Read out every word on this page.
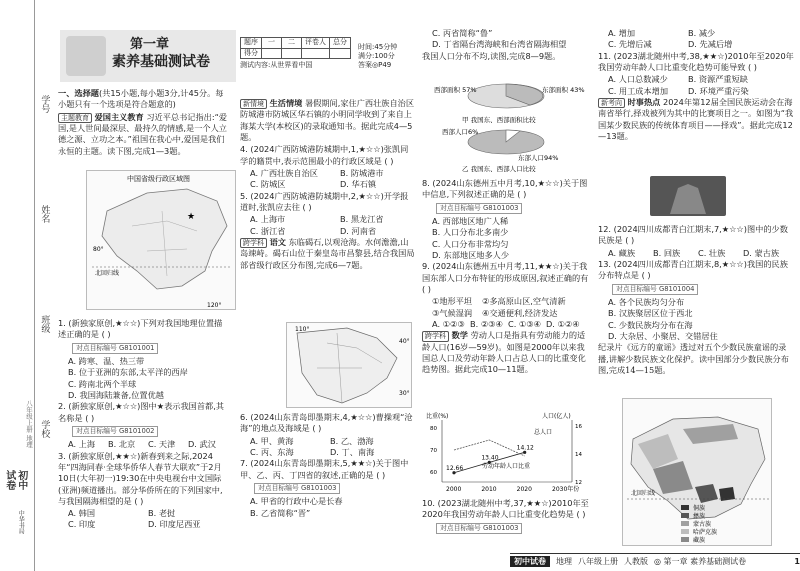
学号
姓名
班级
学校
初中
试卷
中华书局
八年级上册 地理
第一章
素养基础测试卷
一、选择题(共15小题,每小题3分,计45分。每小题只有一个选项是符合题意的)
主题教育 爱国主义教育 习近平总书记指出:“爱国,是人世间最深层、最持久的情感,是一个人立德之源、立功之本。”祖国在我心中,爱国是我们永恒的主题。读下图,完成1—3题。
中国省级行政区域图
★
80°
北回归线
120°
1. (新独家原创,★☆☆)下列对我国地理位置描述正确的是 ( )
对点目标编号 G8101001
A. 跨寒、温、热三带
B. 位于亚洲的东部,太平洋的西岸
C. 跨南北两个半球
D. 我国海陆兼备,位置优越
2. (新独家原创,★☆☆)图中★表示我国首都,其名称是 ( )
对点目标编号 G8101002
A. 上海	B. 北京	C. 天津	D. 武汉
3. (新独家原创,★★☆)新春到来之际,2024年“四海同春·全球华侨华人春节大联欢”于2月10日(大年初一)19:30在中央电视台中文国际(亚洲)频道播出。部分华侨所在的下列国家中,与我国隔海相望的是 ( )
A. 韩国	B. 老挝
C. 印度	D. 印度尼西亚
题序	一	二	评卷人	总分
得分				
时间:45分钟
满分:100分
答案◎P49
测试内容:从世界看中国
新情境 生活情境 暑假期间,家住广西壮族自治区防城港市防城区华石镇的小明同学收到了来自上海某大学(本校区)的录取通知书。据此完成4—5题。
4. (2024广西防城港防城期中,1,★☆☆)张凯同学的籍贯中,表示范围最小的行政区域是 ( )
A. 广西壮族自治区	B. 防城港市
C. 防城区	D. 华石镇
5. (2024广西防城港防城期中,2,★☆☆)开学报道时,张凯应去往 ( )
A. 上海市	B. 黑龙江省
C. 浙江省	D. 河南省
跨学科 语文 东临碣石,以观沧海。水何澹澹,山岛竦峙。碣石山位于秦皇岛市昌黎县,结合我国局部省级行政区分布图,完成6—7题。
110°
40°
30°
6. (2024山东青岛即墨期末,4,★☆☆)曹操观“沧海”的地点及海域是 ( )
A. 甲、黄海	B. 乙、渤海
C. 丙、东海	D. 丁、南海
7. (2024山东青岛即墨期末,5,★★☆)关于图中甲、乙、丙、丁四省的叙述,正确的是 ( )
对点目标编号 G8101003
A. 甲省的行政中心是长春
B. 乙省简称“晋”
C. 丙省简称“鲁”
D. 丁省隔台湾海峡和台湾省隔海相望
我国人口分布不均,读图,完成8—9题。
西部面积 57%	东部面积 43%
甲 我国东、西部面积比较
西部人口6%
东部人口94%
乙 我国东、西部人口比较
8. (2024山东德州五中月考,10,★☆☆)关于图中信息,下列叙述正确的是 ( )
对点目标编号 G8101003
A. 西部地区地广人稀
B. 人口分布北多南少
C. 人口分布非常均匀
D. 东部地区地多人少
9. (2024山东德州五中月考,11,★★☆)关于我国东部人口分布特征的形成原因,叙述正确的有 ( )
①地形平坦	②多高原山区,空气清新
③气候湿润	④交通便利,经济发达
A. ①②③ B. ②③④ C. ①③④ D. ①②④
跨学科 数学 劳动人口是指具有劳动能力的适龄人口(16岁—59岁)。如图是2000年以来我国总人口及劳动年龄人口占总人口的比重变化趋势图。据此完成10—11题。
比重(%)	人口(亿人)
2000	2010	2020	2030年份
16
14
12
80
70
60
12.66
13.40
14.12
总人口
劳动年龄人口比重
10. (2023湖北随州中考,37,★★☆)2010年至2020年我国劳动年龄人口比重变化趋势是 ( )
对点目标编号 G8101003
A. 增加	B. 减少
C. 先增后减	D. 先减后增
11. (2023湖北随州中考,38,★★☆)2010年至2020年我国劳动年龄人口比重变化趋势可能导致 ( )
A. 人口总数减少	B. 资源严重短缺
C. 用工成本增加	D. 环境严重污染
新考向 时事热点 2024年第12届全国民族运动会在海南省举行,择戏被列为其中的比赛项目之一。如图为“我国某少数民族的传统体育项目——择戏”。据此完成12—13题。
12. (2024四川成都青白江期末,7,★☆☆)图中的少数民族是 ( )
A. 藏族	B. 回族	C. 壮族	D. 蒙古族
13. (2024四川成都青白江期末,8,★☆☆)我国的民族分布特点是 ( )
对点目标编号 G8101004
A. 各个民族均匀分布
B. 汉族聚居区位于西北
C. 少数民族均分布在海
D. 大杂居、小聚居、交错居住
纪录片《远方的童谣》透过对五个少数民族童谣的录播,讲解少数民族文化保护。读中国部分少数民族分布图,完成14—15题。
北回归线
侗族
彝族
蒙古族
哈萨克族
藏族
初中试卷	地理 八年级上册 人教版 ◎ 第一章 素养基础测试卷	1
